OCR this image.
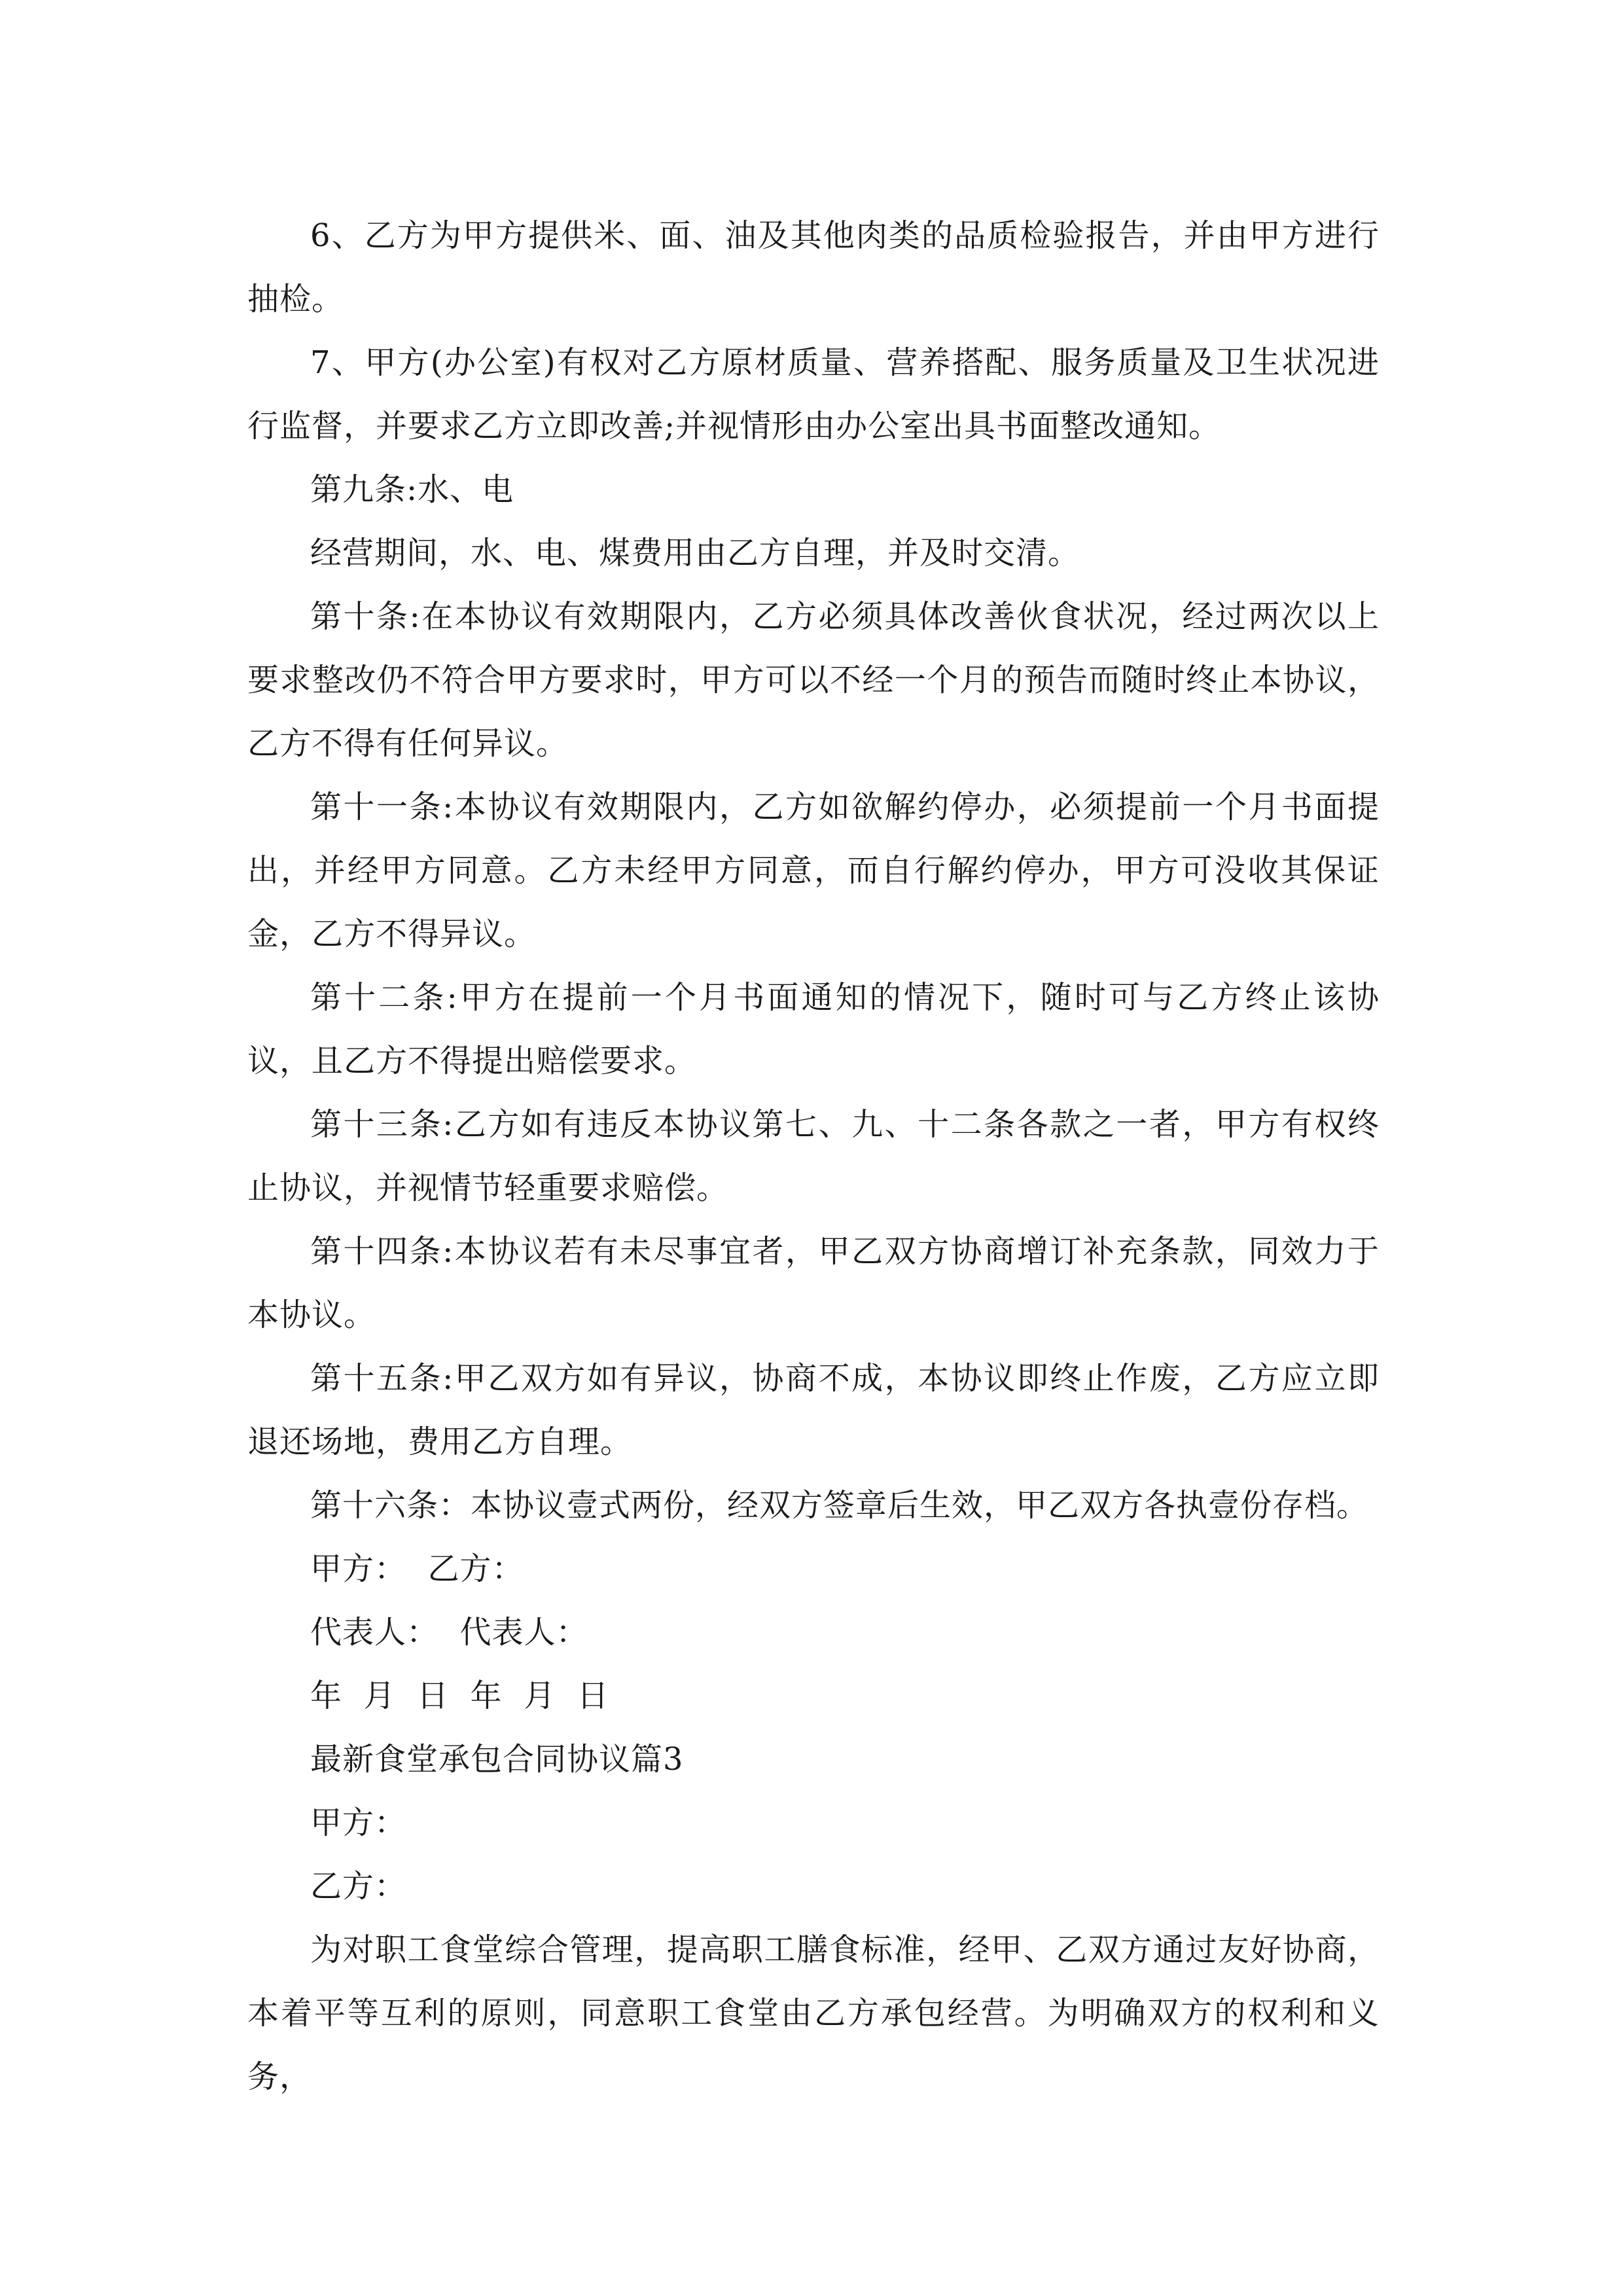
6、乙方为甲方提供米、面、油及其他肉类的品质检验报告，并由甲方进行抽检。

7、甲方(办公室)有权对乙方原材质量、营养搭配、服务质量及卫生状况进行监督，并要求乙方立即改善;并视情形由办公室出具书面整改通知。

第九条:水、电

经营期间，水、电、煤费用由乙方自理，并及时交清。

第十条:在本协议有效期限内，乙方必须具体改善伙食状况，经过两次以上要求整改仍不符合甲方要求时，甲方可以不经一个月的预告而随时终止本协议，乙方不得有任何异议。

第十一条:本协议有效期限内，乙方如欲解约停办，必须提前一个月书面提出，并经甲方同意。乙方未经甲方同意，而自行解约停办，甲方可没收其保证金，乙方不得异议。

第十二条:甲方在提前一个月书面通知的情况下，随时可与乙方终止该协议，且乙方不得提出赔偿要求。

第十三条:乙方如有违反本协议第七、九、十二条各款之一者，甲方有权终止协议，并视情节轻重要求赔偿。

第十四条:本协议若有未尽事宜者，甲乙双方协商增订补充条款，同效力于本协议。

第十五条:甲乙双方如有异议，协商不成，本协议即终止作废，乙方应立即退还场地，费用乙方自理。

第十六条：本协议壹式两份，经双方签章后生效，甲乙双方各执壹份存档。

甲方：  乙方：

代表人：  代表人：

年  月  日  年  月  日

最新食堂承包合同协议篇3

甲方：

乙方：

为对职工食堂综合管理，提高职工膳食标准，经甲、乙双方通过友好协商，本着平等互利的原则，同意职工食堂由乙方承包经营。为明确双方的权利和义务，
